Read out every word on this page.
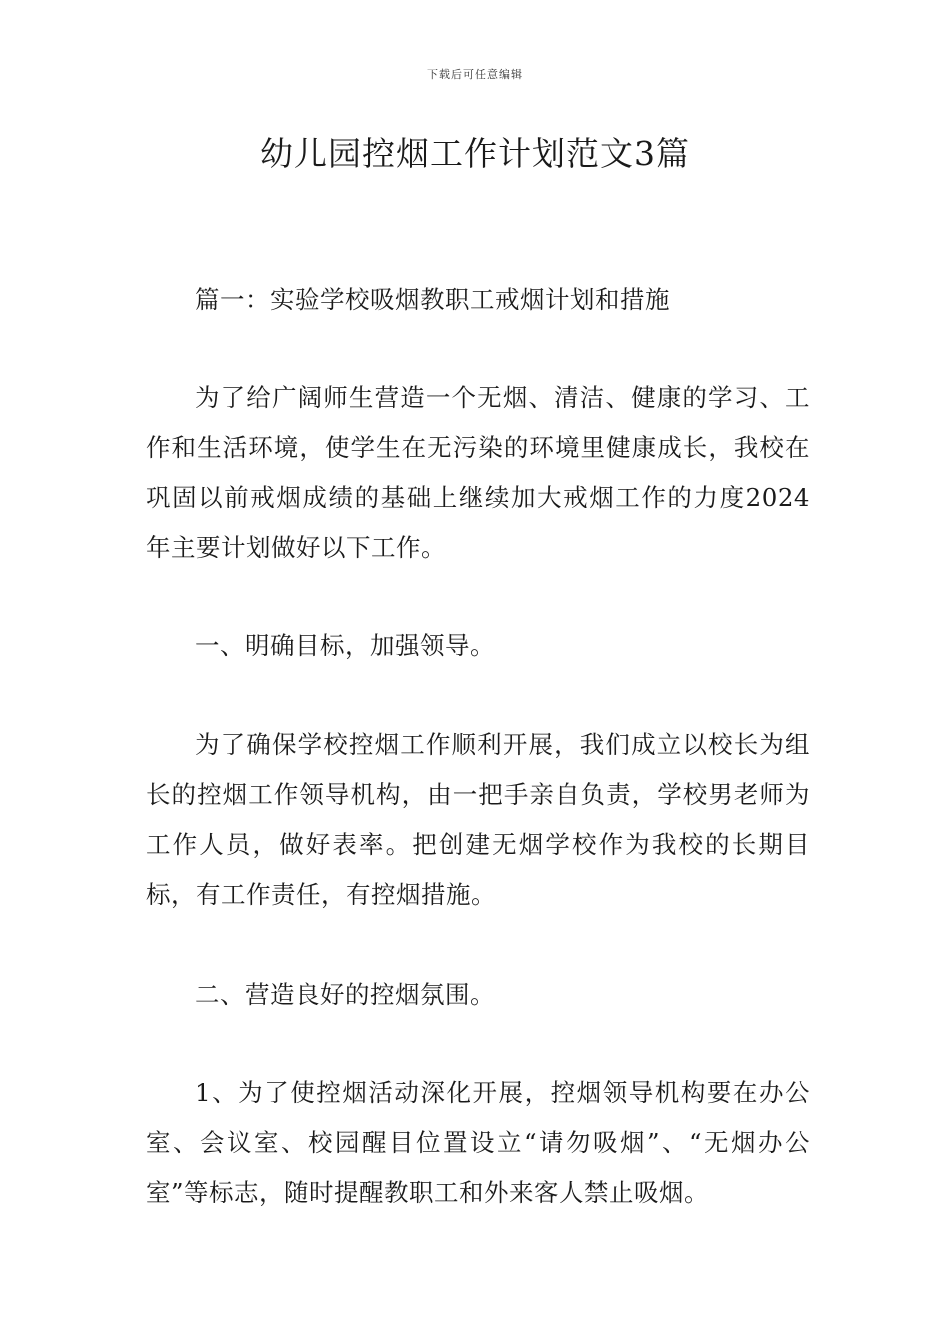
下载后可任意编辑
幼儿园控烟工作计划范文3篇

篇一：实验学校吸烟教职工戒烟计划和措施

为了给广阔师生营造一个无烟、清洁、健康的学习、工作和生活环境，使学生在无污染的环境里健康成长，我校在巩固以前戒烟成绩的基础上继续加大戒烟工作的力度2024年主要计划做好以下工作。

一、明确目标，加强领导。

为了确保学校控烟工作顺利开展，我们成立以校长为组长的控烟工作领导机构，由一把手亲自负责，学校男老师为工作人员，做好表率。把创建无烟学校作为我校的长期目标，有工作责任，有控烟措施。

二、营造良好的控烟氛围。

1、为了使控烟活动深化开展，控烟领导机构要在办公室、会议室、校园醒目位置设立“请勿吸烟”、“无烟办公室”等标志，随时提醒教职工和外来客人禁止吸烟。
